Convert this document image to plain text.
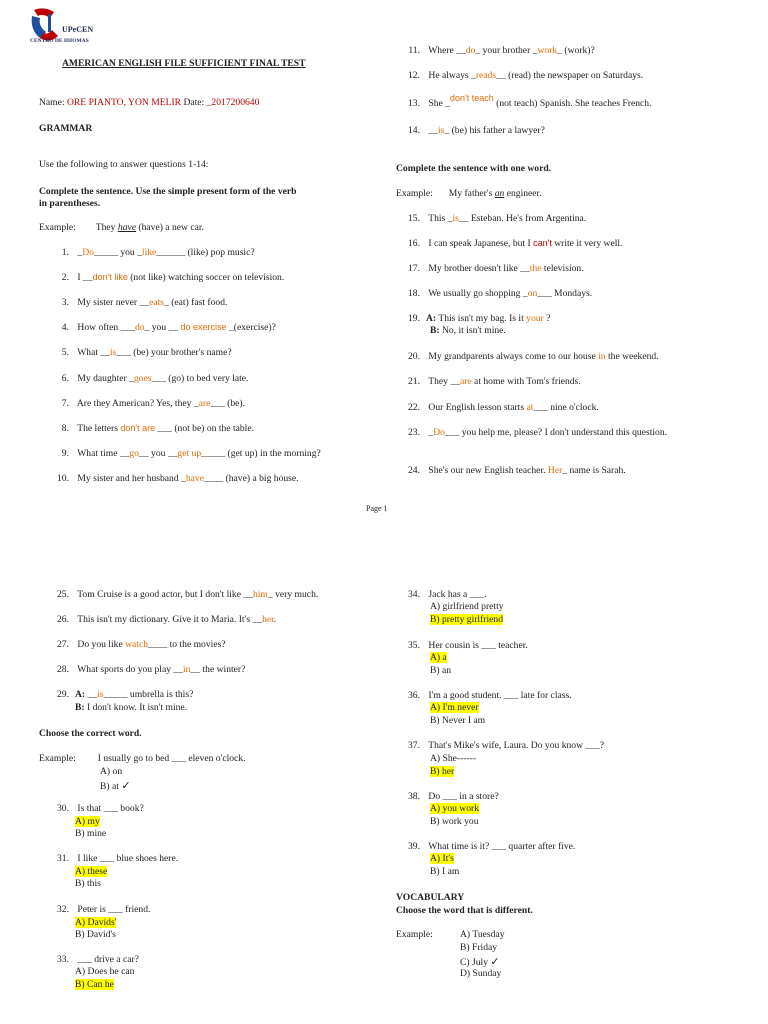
UPeCEN
CENTRO DE IDIOMAS
AMERICAN ENGLISH FILE SUFFICIENT FINAL TEST
Name: ORE PIANTO, YON MELIR Date: _2017200640
GRAMMAR
Use the following to answer questions 1-14:
Complete the sentence. Use the simple present form of the verb
in parentheses.
Example: They have (have) a new car.
1. _Do_____ you _like______ (like) pop music?
2. I __don't like (not like) watching soccer on television.
3. My sister never __eats_ (eat) fast food.
4. How often ___do_ you __ do exercise _(exercise)?
5. What __is___ (be) your brother's name?
6. My daughter _goes___ (go) to bed very late.
7. Are they American? Yes, they _are___ (be).
8. The letters don't are ___ (not be) on the table.
9. What time __go__ you __get up_____ (get up) in the morning?
10. My sister and her husband _have____ (have) a big house.
11. Where __do_ your brother _work_ (work)?
12. He always _reads__ (read) the newspaper on Saturdays.
13. She _don't teach (not teach) Spanish. She teaches French.
14. __is_ (be) his father a lawyer?
Complete the sentence with one word.
Example: My father's an engineer.
15. This _is__ Esteban. He's from Argentina.
16. I can speak Japanese, but I can't write it very well.
17. My brother doesn't like __the television.
18. We usually go shopping _on___ Mondays.
19. A: This isn't my bag. Is it your ?
B: No, it isn't mine.
20. My grandparents always come to our house in the weekend.
21. They __are at home with Tom's friends.
22. Our English lesson starts at___ nine o'clock.
23. _Do___ you help me, please? I don't understand this question.
24. She's our new English teacher. Her_ name is Sarah.
Page 1
25. Tom Cruise is a good actor, but I don't like __him_ very much.
26. This isn't my dictionary. Give it to Maria. It's __her.
27. Do you like watch____ to the movies?
28. What sports do you play __in__ the winter?
29. A: __is_____ umbrella is this?
B: I don't know. It isn't mine.
Choose the correct word.
Example: I usually go to bed ___ eleven o'clock.
A) on
B) at ✓
30. Is that ___ book?
A) my
B) mine
31. I like ___ blue shoes here.
A) these
B) this
32. Peter is ___ friend.
A) Davids'
B) David's
33. ___ drive a car?
A) Does he can
B) Can he
34. Jack has a ___.
A) girlfriend pretty
B) pretty girlfriend
35. Her cousin is ___ teacher.
A) a
B) an
36. I'm a good student. ___ late for class.
A) I'm never
B) Never I am
37. That's Mike's wife, Laura. Do you know ___?
A) She------
B) her
38. Do ___ in a store?
A) you work
B) work you
39. What time is it? ___ quarter after five.
A) It's
B) I am
VOCABULARY
Choose the word that is different.
Example:	A) Tuesday
B) Friday
C) July ✓
D) Sunday
